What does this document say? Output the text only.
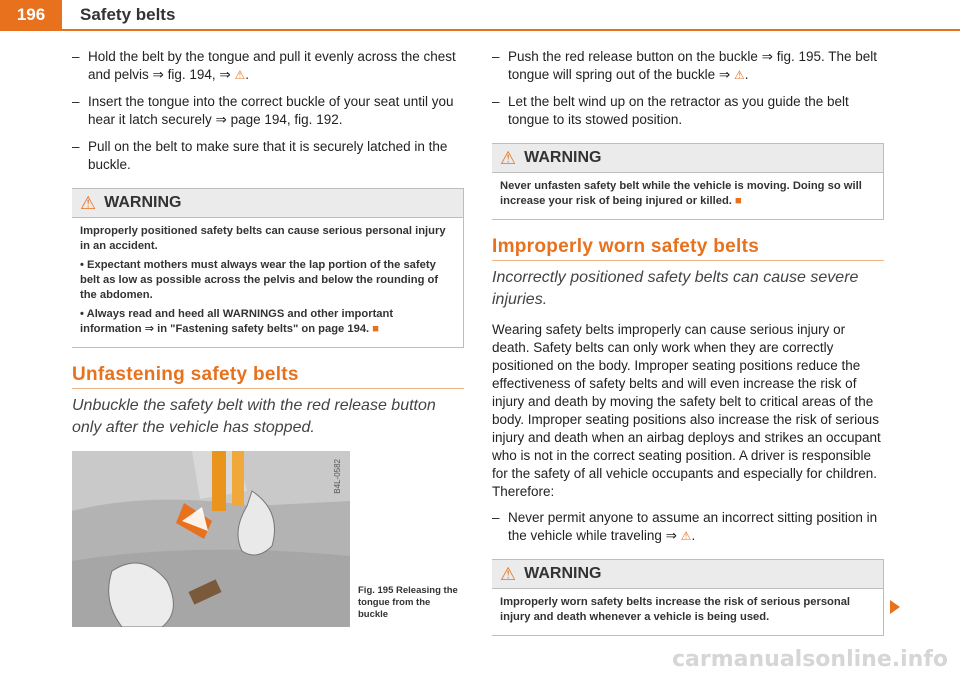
196 Safety belts
– Hold the belt by the tongue and pull it evenly across the chest and pelvis ⇒ fig. 194, ⇒ ⚠.
– Insert the tongue into the correct buckle of your seat until you hear it latch securely ⇒ page 194, fig. 192.
– Pull on the belt to make sure that it is securely latched in the buckle.
⚠ WARNING

Improperly positioned safety belts can cause serious personal injury in an accident.

• Expectant mothers must always wear the lap portion of the safety belt as low as possible across the pelvis and below the rounding of the abdomen.

• Always read and heed all WARNINGS and other important information ⇒ in "Fastening safety belts" on page 194. ■

Unfastening safety belts

Unbuckle the safety belt with the red release button only after the vehicle has stopped.

B4L-0582
Fig. 195 Releasing the tongue from the buckle
– Push the red release button on the buckle ⇒ fig. 195. The belt tongue will spring out of the buckle ⇒ ⚠.
– Let the belt wind up on the retractor as you guide the belt tongue to its stowed position.
⚠ WARNING

Never unfasten safety belt while the vehicle is moving. Doing so will increase your risk of being injured or killed. ■

Improperly worn safety belts

Incorrectly positioned safety belts can cause severe injuries.

Wearing safety belts improperly can cause serious injury or death. Safety belts can only work when they are correctly positioned on the body. Improper seating positions reduce the effectiveness of safety belts and will even increase the risk of injury and death by moving the safety belt to critical areas of the body. Improper seating positions also increase the risk of serious injury and death when an airbag deploys and strikes an occupant who is not in the correct seating position. A driver is responsible for the safety of all vehicle occupants and especially for children. Therefore:

– Never permit anyone to assume an incorrect sitting position in the vehicle while traveling ⇒ ⚠.
⚠ WARNING

Improperly worn safety belts increase the risk of serious personal injury and death whenever a vehicle is being used.

carmanualsonline.info
